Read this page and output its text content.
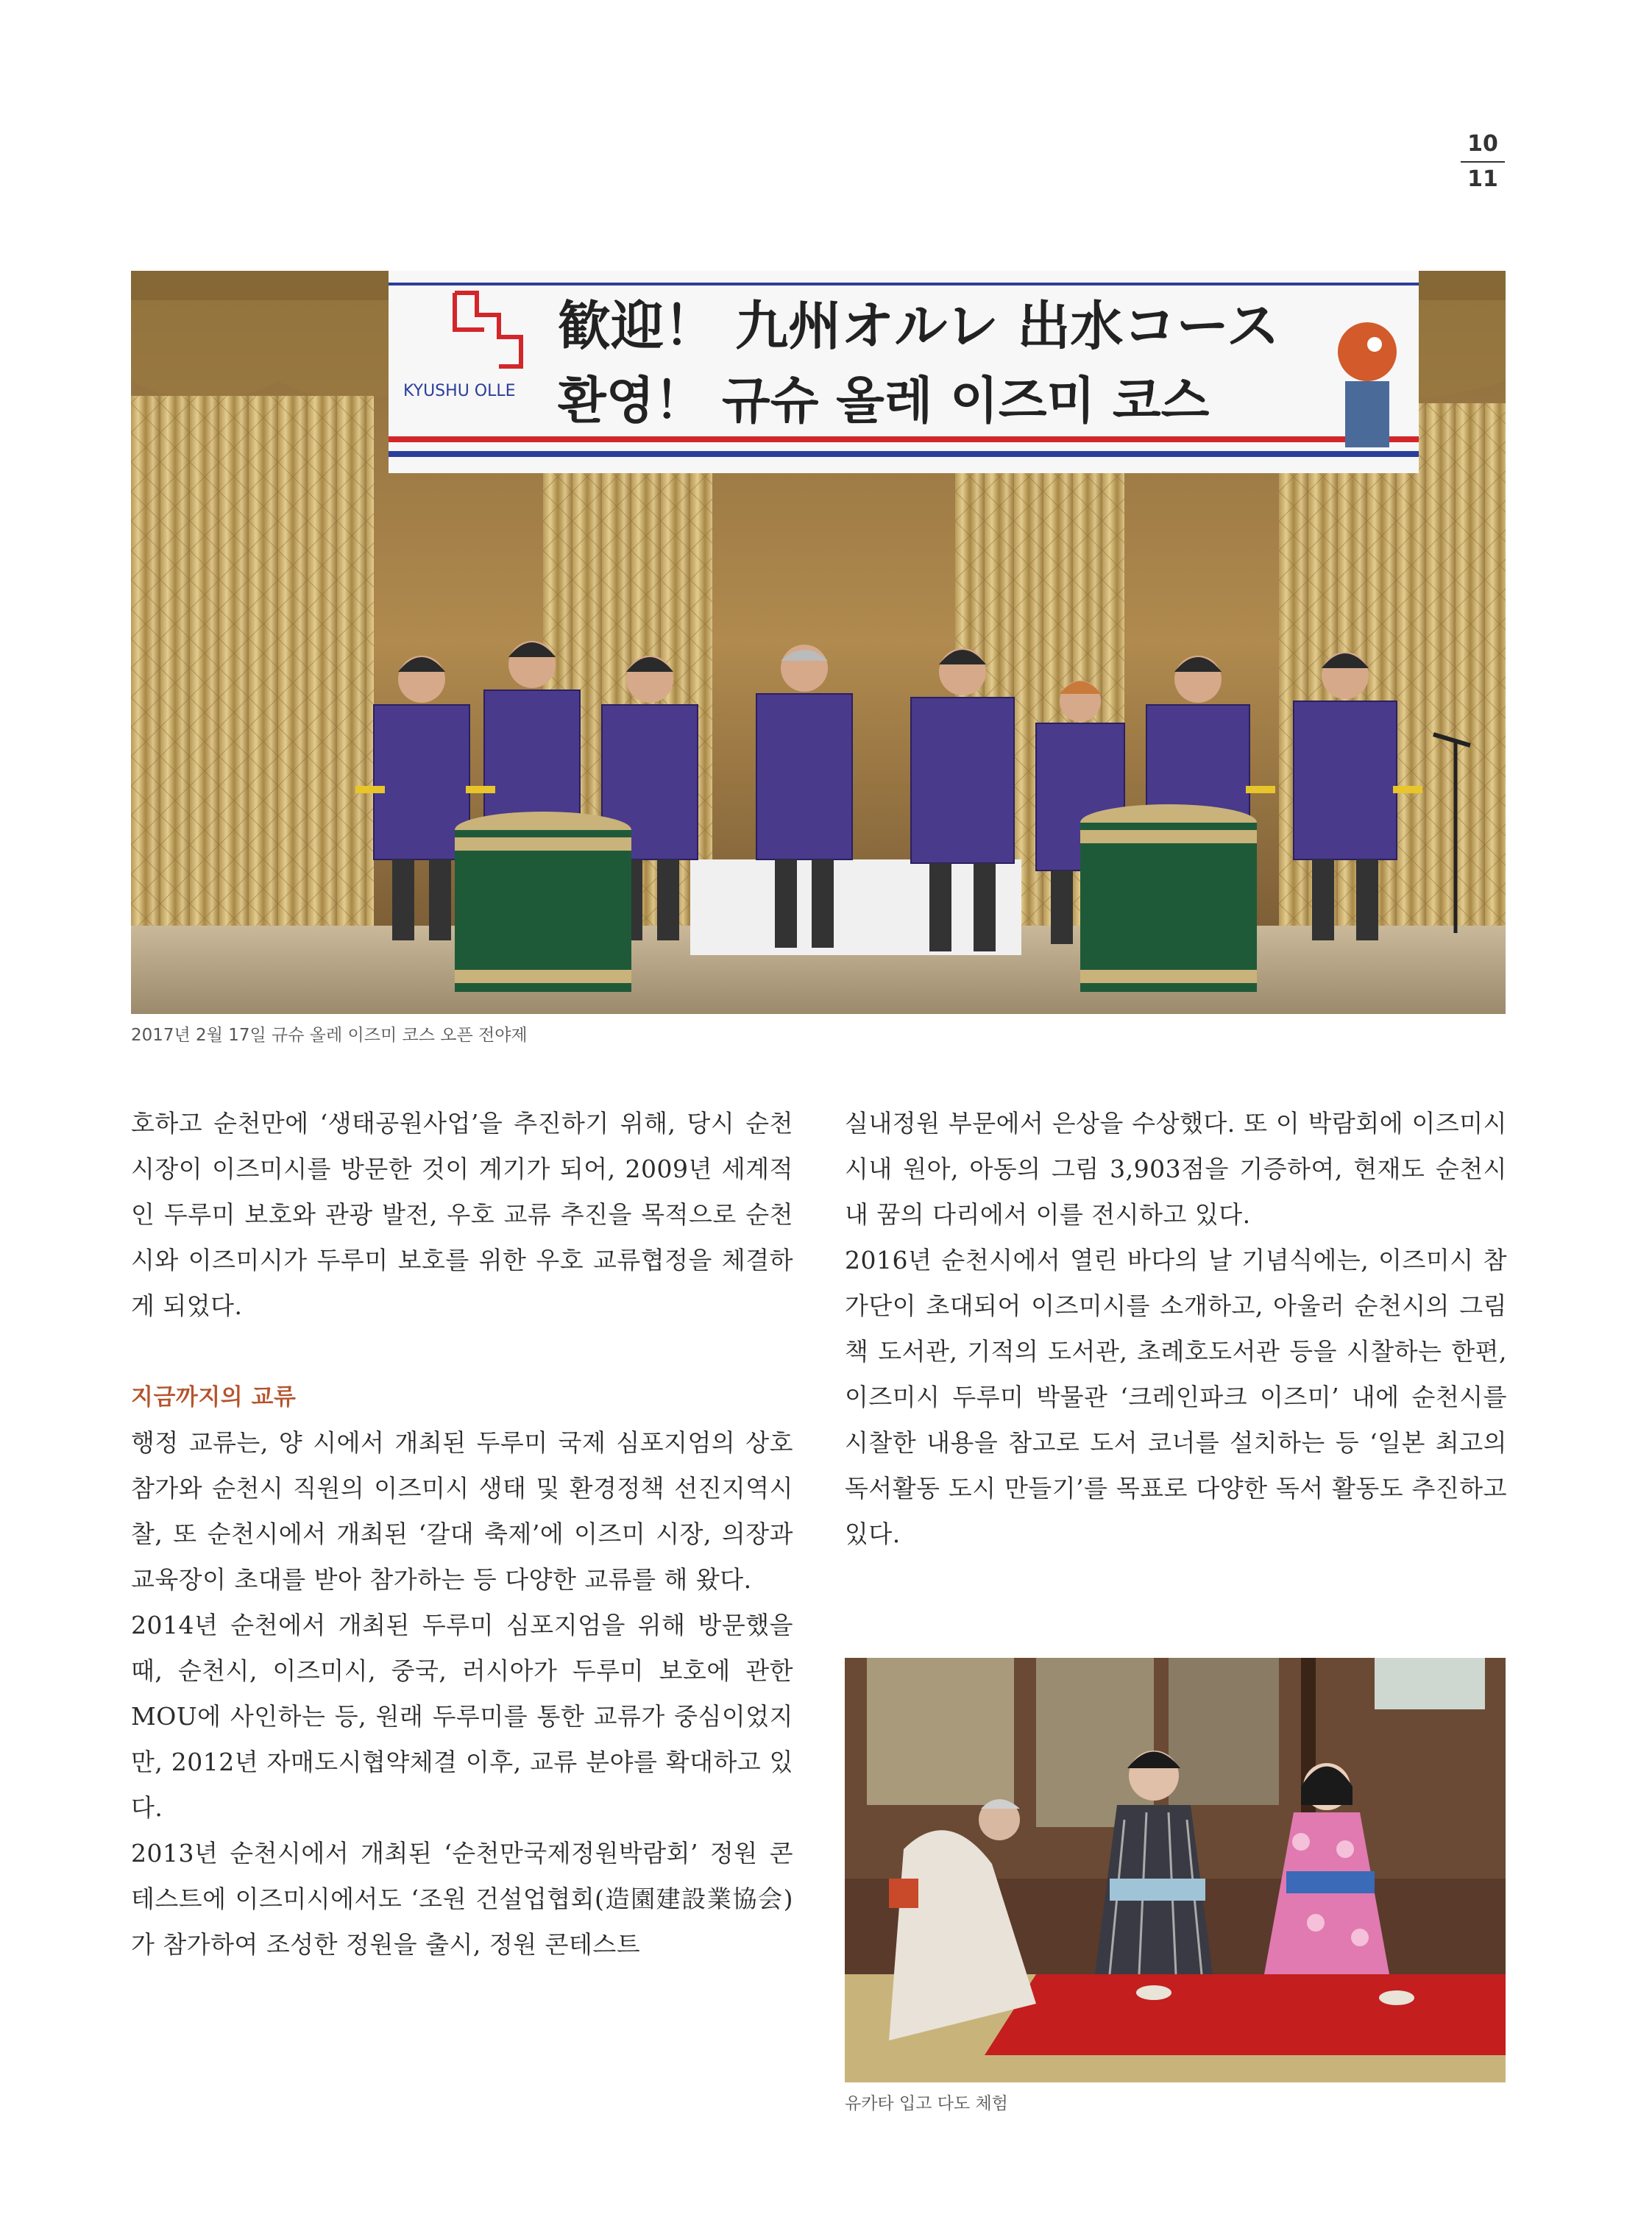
10
11
KYUSHU OLLE
歓迎！ 九州オルレ 出水コース
환영！ 규슈 올레 이즈미 코스
2017년 2월 17일 규슈 올레 이즈미 코스 오픈 전야제

호하고 순천만에 ‘생태공원사업’을 추진하기 위해, 당시 순천 시장이 이즈미시를 방문한 것이 계기가 되어, 2009년 세계적인 두루미 보호와 관광 발전, 우호 교류 추진을 목적으로 순천시와 이즈미시가 두루미 보호를 위한 우호 교류협정을 체결하게 되었다.

지금까지의 교류

행정 교류는, 양 시에서 개최된 두루미 국제 심포지엄의 상호 참가와 순천시 직원의 이즈미시 생태 및 환경정책 선진지역시찰, 또 순천시에서 개최된 ‘갈대 축제’에 이즈미 시장, 의장과 교육장이 초대를 받아 참가하는 등 다양한 교류를 해 왔다.

2014년 순천에서 개최된 두루미 심포지엄을 위해 방문했을 때, 순천시, 이즈미시, 중국, 러시아가 두루미 보호에 관한 MOU에 사인하는 등, 원래 두루미를 통한 교류가 중심이었지만, 2012년 자매도시협약체결 이후, 교류 분야를 확대하고 있다.

2013년 순천시에서 개최된 ‘순천만국제정원박람회’ 정원 콘테스트에 이즈미시에서도 ‘조원 건설업협회(造園建設業協会)가 참가하여 조성한 정원을 출시, 정원 콘테스트

실내정원 부문에서 은상을 수상했다. 또 이 박람회에 이즈미시 시내 원아, 아동의 그림 3,903점을 기증하여, 현재도 순천시내 꿈의 다리에서 이를 전시하고 있다.

2016년 순천시에서 열린 바다의 날 기념식에는, 이즈미시 참가단이 초대되어 이즈미시를 소개하고, 아울러 순천시의 그림책 도서관, 기적의 도서관, 초례호도서관 등을 시찰하는 한편, 이즈미시 두루미 박물관 ‘크레인파크 이즈미’ 내에 순천시를 시찰한 내용을 참고로 도서 코너를 설치하는 등 ‘일본 최고의 독서활동 도시 만들기’를 목표로 다양한 독서 활동도 추진하고 있다.

유카타 입고 다도 체험
